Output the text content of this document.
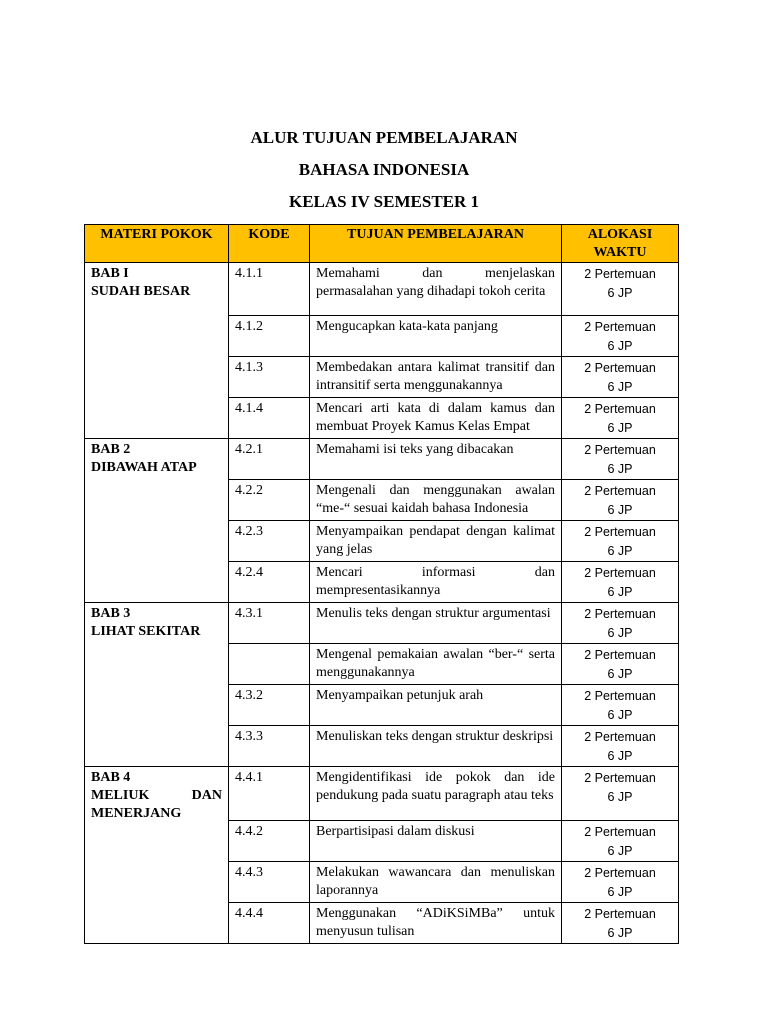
ALUR TUJUAN PEMBELAJARAN
BAHASA INDONESIA
KELAS IV SEMESTER 1
MATERI POKOK	KODE	TUJUAN PEMBELAJARAN	ALOKASI WAKTU

BAB I
SUDAH BESAR	4.1.1	Memahami dan menjelaskan permasalahan yang dihadapi tokoh cerita	2 Pertemuan
6 JP

	4.1.2	Mengucapkan kata-kata panjang	2 Pertemuan
6 JP

	4.1.3	Membedakan antara kalimat transitif dan intransitif serta menggunakannya	2 Pertemuan
6 JP

	4.1.4	Mencari arti kata di dalam kamus dan membuat Proyek Kamus Kelas Empat	2 Pertemuan
6 JP

BAB 2
DIBAWAH ATAP	4.2.1	Memahami isi teks yang dibacakan	2 Pertemuan
6 JP

	4.2.2	Mengenali dan menggunakan awalan “me-“ sesuai kaidah bahasa Indonesia	2 Pertemuan
6 JP

	4.2.3	Menyampaikan pendapat dengan kalimat yang jelas	2 Pertemuan
6 JP

	4.2.4	Mencari informasi dan mempresentasikannya	2 Pertemuan
6 JP

BAB 3
LIHAT SEKITAR	4.3.1	Menulis teks dengan struktur argumentasi	2 Pertemuan
6 JP

		Mengenal pemakaian awalan “ber-“ serta menggunakannya	2 Pertemuan
6 JP

	4.3.2	Menyampaikan petunjuk arah	2 Pertemuan
6 JP

	4.3.3	Menuliskan teks dengan struktur deskripsi	2 Pertemuan
6 JP

BAB 4
MELIUK DAN
MENERJANG	4.4.1	Mengidentifikasi ide pokok dan ide pendukung pada suatu paragraph atau teks	2 Pertemuan
6 JP

	4.4.2	Berpartisipasi dalam diskusi	2 Pertemuan
6 JP

	4.4.3	Melakukan wawancara dan menuliskan laporannya	2 Pertemuan
6 JP

	4.4.4	Menggunakan “ADiKSiMBa” untuk menyusun tulisan	2 Pertemuan
6 JP
